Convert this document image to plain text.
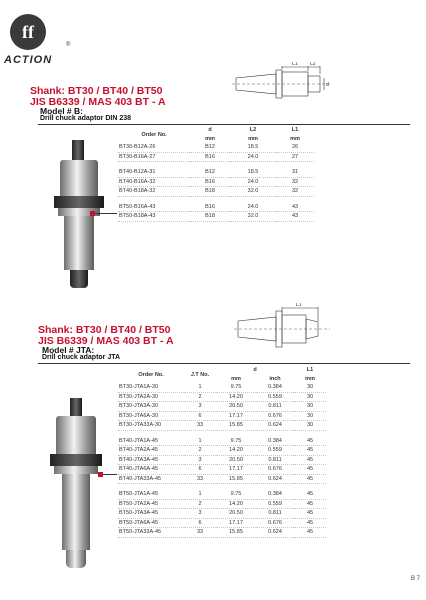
ff
ACTION
®
Shank: BT30 / BT40 / BT50
JIS B6339 / MAS 403 BT - A
Model # B:
Drill chuck adaptor DIN 238
L1 L2
d
Order No.	d	L2	L1
	mm	mm	mm
BT30-B12A-26	B12	18.5	26
BT30-B16A-27	B16	24.0	27

BT40-B12A-31	B12	18.5	31
BT40-B16A-32	B16	24.0	32
BT40-B18A-32	B18	32.0	32

BT50-B16A-43	B16	24.0	43
BT50-B18A-43	B18	32.0	43
Shank: BT30 / BT40 / BT50
JIS B6339 / MAS 403 BT - A
Model # JTA:
Drill chuck adaptor JTA
L1
Order No.	J.T No.	d		L1
		mm	inch	mm
BT30-JTA1A-30	1	9.75	0.384	30
BT30-JTA2A-30	2	14.20	0.559	30
BT30-JTA3A-30	3	20.50	0.811	30
BT30-JTA6A-30	6	17.17	0.676	30
BT30-JTA33A-30	33	15.85	0.624	30

BT40-JTA1A-45	1	9.75	0.384	45
BT40-JTA2A-45	2	14.20	0.559	45
BT40-JTA3A-45	3	20.50	0.811	45
BT40-JTA6A-45	6	17.17	0.676	45
BT40-JTA33A-45	33	15.85	0.624	45

BT50-JTA1A-45	1	9.75	0.384	45
BT50-JTA2A-45	2	14.20	0.559	45
BT50-JTA3A-45	3	20.50	0.811	45
BT50-JTA6A-45	6	17.17	0.676	45
BT50-JTA33A-45	33	15.85	0.624	45
B 7
